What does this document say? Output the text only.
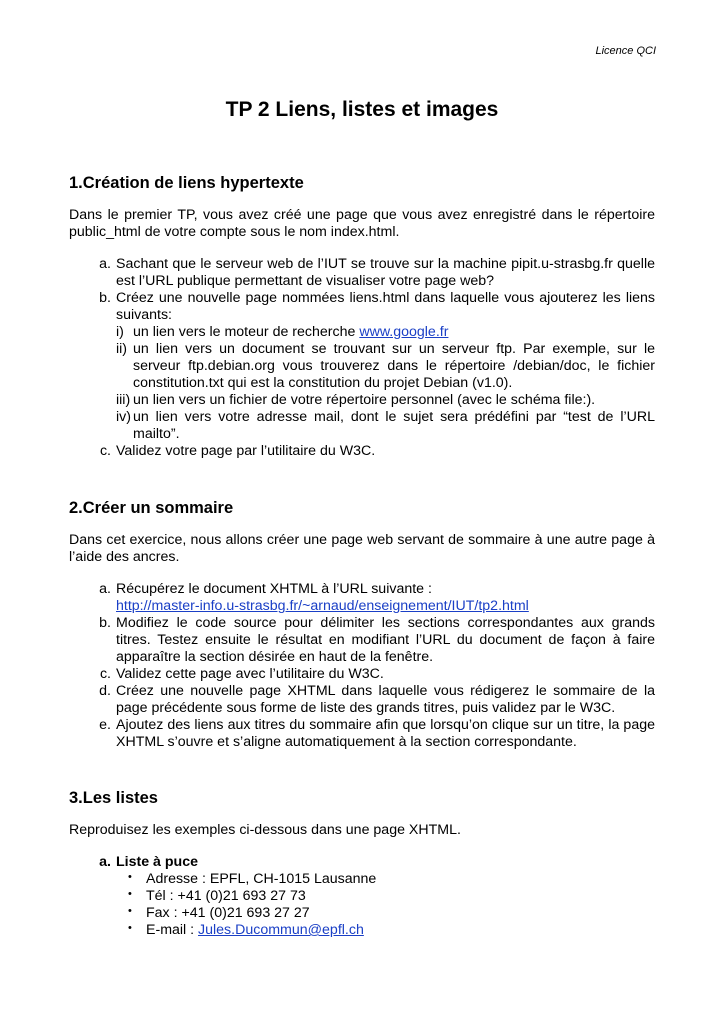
Licence QCI
TP 2 Liens, listes et images
1.Création de liens hypertexte

Dans le premier TP, vous avez créé une page que vous avez enregistré dans le répertoire public_html de votre compte sous le nom index.html.

a. Sachant que le serveur web de l’IUT se trouve sur la machine pipit.u-strasbg.fr quelle est l’URL publique permettant de visualiser votre page web?
b. Créez une nouvelle page nommées liens.html dans laquelle vous ajouterez les liens suivants:
i) un lien vers le moteur de recherche www.google.fr
ii) un lien vers un document se trouvant sur un serveur ftp. Par exemple, sur le serveur ftp.debian.org vous trouverez dans le répertoire /debian/doc, le fichier constitution.txt qui est la constitution du projet Debian (v1.0).
iii) un lien vers un fichier de votre répertoire personnel (avec le schéma file:).
iv) un lien vers votre adresse mail, dont le sujet sera prédéfini par “test de l’URL mailto”.
c. Validez votre page par l’utilitaire du W3C.
2.Créer un sommaire

Dans cet exercice, nous allons créer une page web servant de sommaire à une autre page à l’aide des ancres.

a. Récupérez le document XHTML à l’URL suivante :
http://master-info.u-strasbg.fr/~arnaud/enseignement/IUT/tp2.html
b. Modifiez le code source pour délimiter les sections correspondantes aux grands titres. Testez ensuite le résultat en modifiant l’URL du document de façon à faire apparaître la section désirée en haut de la fenêtre.
c. Validez cette page avec l’utilitaire du W3C.
d. Créez une nouvelle page XHTML dans laquelle vous rédigerez le sommaire de la page précédente sous forme de liste des grands titres, puis validez par le W3C.
e. Ajoutez des liens aux titres du sommaire afin que lorsqu’on clique sur un titre, la page XHTML s’ouvre et s’aligne automatiquement à la section correspondante.
3.Les listes

Reproduisez les exemples ci-dessous dans une page XHTML.

a. Liste à puce
• Adresse : EPFL, CH-1015 Lausanne
• Tél : +41 (0)21 693 27 73
• Fax : +41 (0)21 693 27 27
• E-mail : Jules.Ducommun@epfl.ch
